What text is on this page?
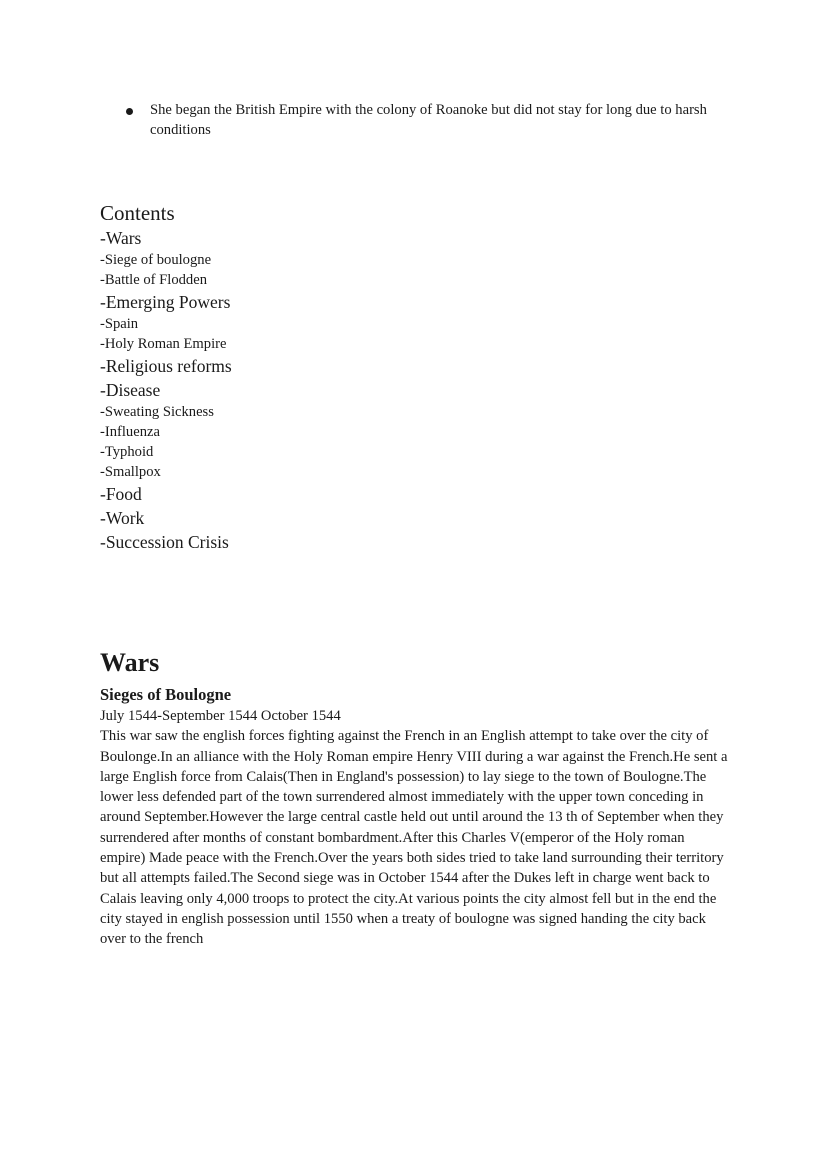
She began the British Empire with the colony of Roanoke but did not stay for long due to harsh conditions
Contents
-Wars
-Siege of boulogne
-Battle of Flodden
-Emerging Powers
-Spain
-Holy Roman Empire
-Religious reforms
-Disease
-Sweating Sickness
-Influenza
-Typhoid
-Smallpox
-Food
-Work
-Succession Crisis
Wars
Sieges of Boulogne

July 1544-September 1544 October 1544

This war saw the english forces fighting against the French in an English attempt to take over the city of Boulonge.In an alliance with the Holy Roman empire Henry VIII during a war against the French.He sent a large English force from Calais(Then in England's possession) to lay siege to the town of Boulogne.The lower less defended part of the town surrendered almost immediately with the upper town conceding in around September.However the large central castle held out until around the 13 th of September when they surrendered after months of constant bombardment.After this Charles V(emperor of the Holy roman empire) Made peace with the French.Over the years both sides tried to take land surrounding their territory but all attempts failed.The Second siege was in October 1544 after the Dukes left in charge went back to Calais leaving only 4,000 troops to protect the city.At various points the city almost fell but in the end the city stayed in english possession until 1550 when a treaty of boulogne was signed handing the city back over to the french
